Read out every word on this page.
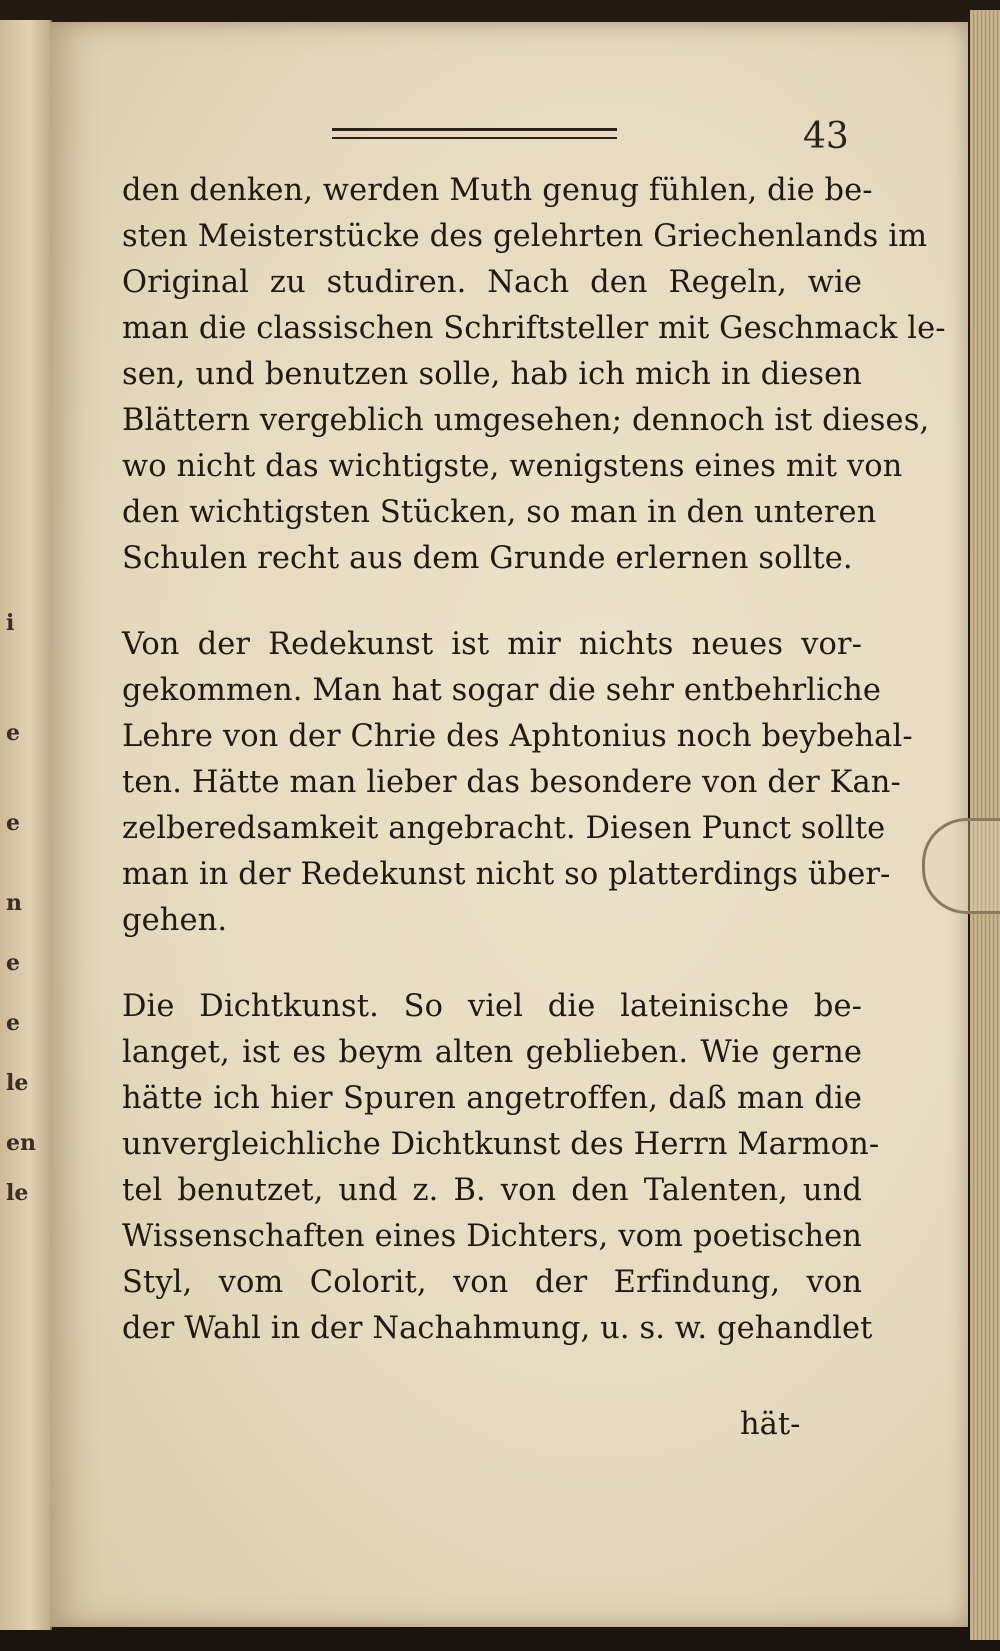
i
e
e
n
e
e
le
en
le
43
den denken, werden Muth genug fühlen, die be-
sten Meisterstücke des gelehrten Griechenlands im
Original zu studiren. Nach den Regeln, wie
man die classischen Schriftsteller mit Geschmack le-
sen, und benutzen solle, hab ich mich in diesen
Blättern vergeblich umgesehen; dennoch ist dieses,
wo nicht das wichtigste, wenigstens eines mit von
den wichtigsten Stücken, so man in den unteren
Schulen recht aus dem Grunde erlernen sollte.
Von der Redekunst ist mir nichts neues vor-
gekommen. Man hat sogar die sehr entbehrliche
Lehre von der Chrie des Aphtonius noch beybehal-
ten. Hätte man lieber das besondere von der Kan-
zelberedsamkeit angebracht. Diesen Punct sollte
man in der Redekunst nicht so platterdings über-
gehen.
Die Dichtkunst. So viel die lateinische be-
langet, ist es beym alten geblieben. Wie gerne
hätte ich hier Spuren angetroffen, daß man die
unvergleichliche Dichtkunst des Herrn Marmon-
tel benutzet, und z. B. von den Talenten, und
Wissenschaften eines Dichters, vom poetischen
Styl, vom Colorit, von der Erfindung, von
der Wahl in der Nachahmung, u. s. w. gehandlet
hät-
